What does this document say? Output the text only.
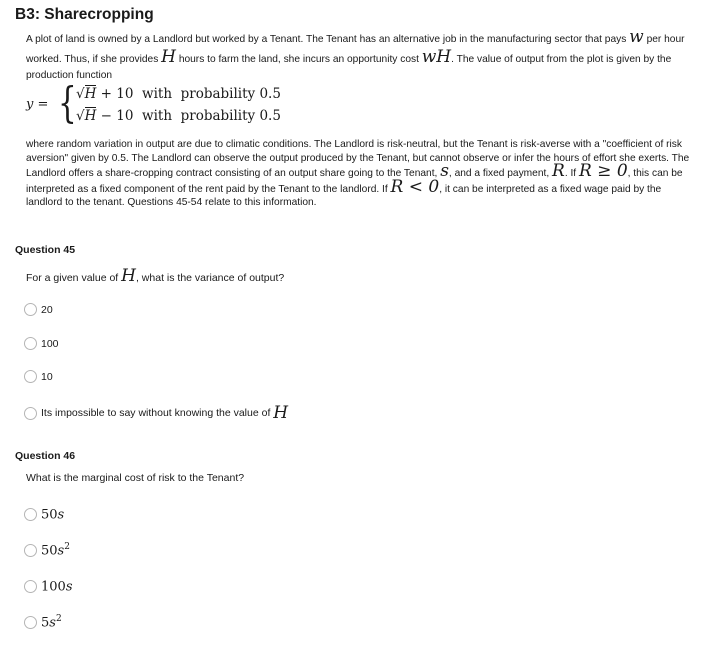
B3: Sharecropping

A plot of land is owned by a Landlord but worked by a Tenant. The Tenant has an alternative job in the manufacturing sector that pays w per hour worked. Thus, if she provides H hours to farm the land, she incurs an opportunity cost wH. The value of output from the plot is given by the production function

y = { √H + 10  with  probability 0.5
√H − 10  with  probability 0.5

where random variation in output are due to climatic conditions. The Landlord is risk-neutral, but the Tenant is risk-averse with a "coefficient of risk aversion" given by 0.5. The Landlord can observe the output produced by the Tenant, but cannot observe or infer the hours of effort she exerts. The Landlord offers a share-cropping contract consisting of an output share going to the Tenant, s, and a fixed payment, R. If R ≥ 0, this can be interpreted as a fixed component of the rent paid by the Tenant to the landlord. If R < 0, it can be interpreted as a fixed wage paid by the landlord to the tenant. Questions 45-54 relate to this information.

Question 45

For a given value of H, what is the variance of output?

20
100
10
Its impossible to say without knowing the value of
H
Question 46

What is the marginal cost of risk to the Tenant?

50s
$50s^2$
100s
$5s^2$
